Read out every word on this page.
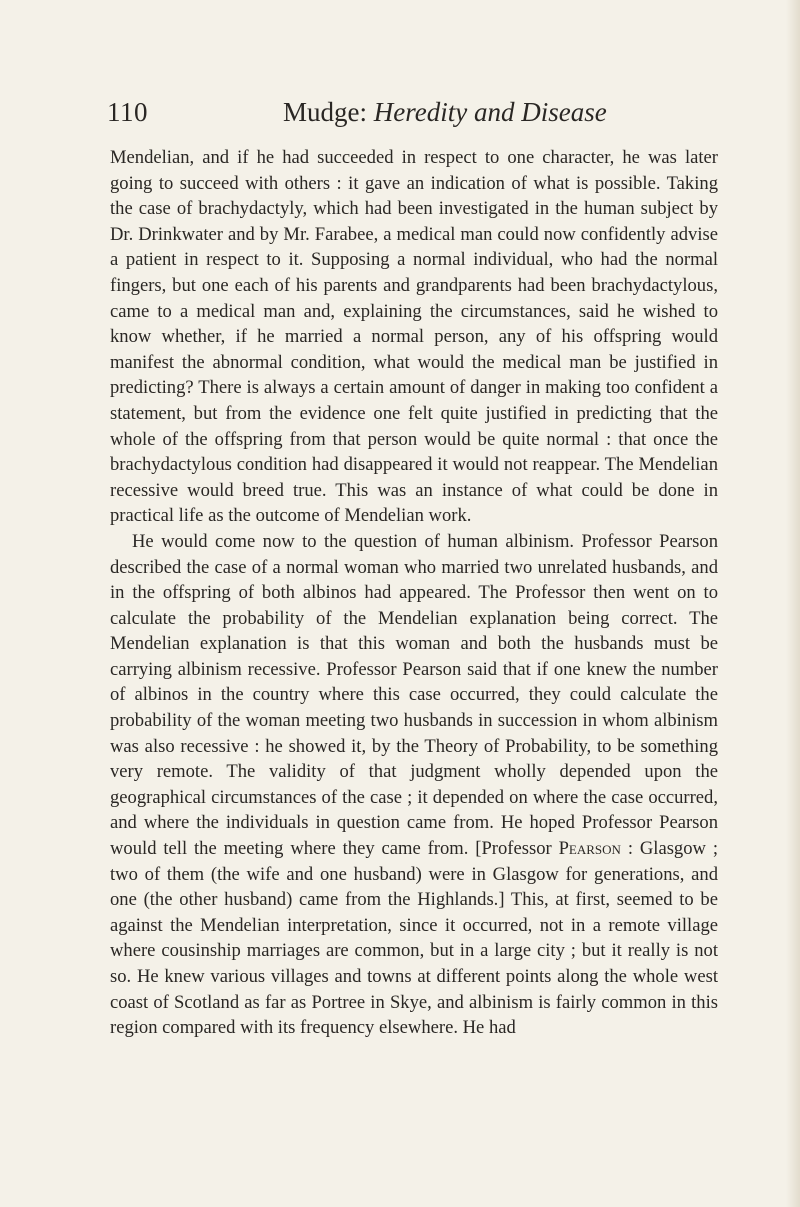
110	Mudge: Heredity and Disease

Mendelian, and if he had succeeded in respect to one character, he was later going to succeed with others : it gave an indication of what is possible. Taking the case of brachydactyly, which had been investigated in the human subject by Dr. Drinkwater and by Mr. Farabee, a medical man could now confidently advise a patient in respect to it. Supposing a normal individual, who had the normal fingers, but one each of his parents and grandparents had been brachydactylous, came to a medical man and, explaining the circumstances, said he wished to know whether, if he married a normal person, any of his offspring would manifest the abnormal condition, what would the medical man be justified in predicting? There is always a certain amount of danger in making too confident a statement, but from the evidence one felt quite justified in predicting that the whole of the offspring from that person would be quite normal : that once the brachydactylous condition had disappeared it would not reappear. The Mendelian recessive would breed true. This was an instance of what could be done in practical life as the outcome of Mendelian work.

He would come now to the question of human albinism. Professor Pearson described the case of a normal woman who married two unrelated husbands, and in the offspring of both albinos had appeared. The Professor then went on to calculate the probability of the Mendelian explanation being correct. The Mendelian explanation is that this woman and both the husbands must be carrying albinism recessive. Professor Pearson said that if one knew the number of albinos in the country where this case occurred, they could calculate the probability of the woman meeting two husbands in succession in whom albinism was also recessive : he showed it, by the Theory of Probability, to be something very remote. The validity of that judgment wholly depended upon the geographical circumstances of the case ; it depended on where the case occurred, and where the individuals in question came from. He hoped Professor Pearson would tell the meeting where they came from. [Professor Pearson : Glasgow ; two of them (the wife and one husband) were in Glasgow for generations, and one (the other husband) came from the Highlands.] This, at first, seemed to be against the Mendelian interpretation, since it occurred, not in a remote village where cousinship marriages are common, but in a large city ; but it really is not so. He knew various villages and towns at different points along the whole west coast of Scotland as far as Portree in Skye, and albinism is fairly common in this region compared with its frequency elsewhere. He had
